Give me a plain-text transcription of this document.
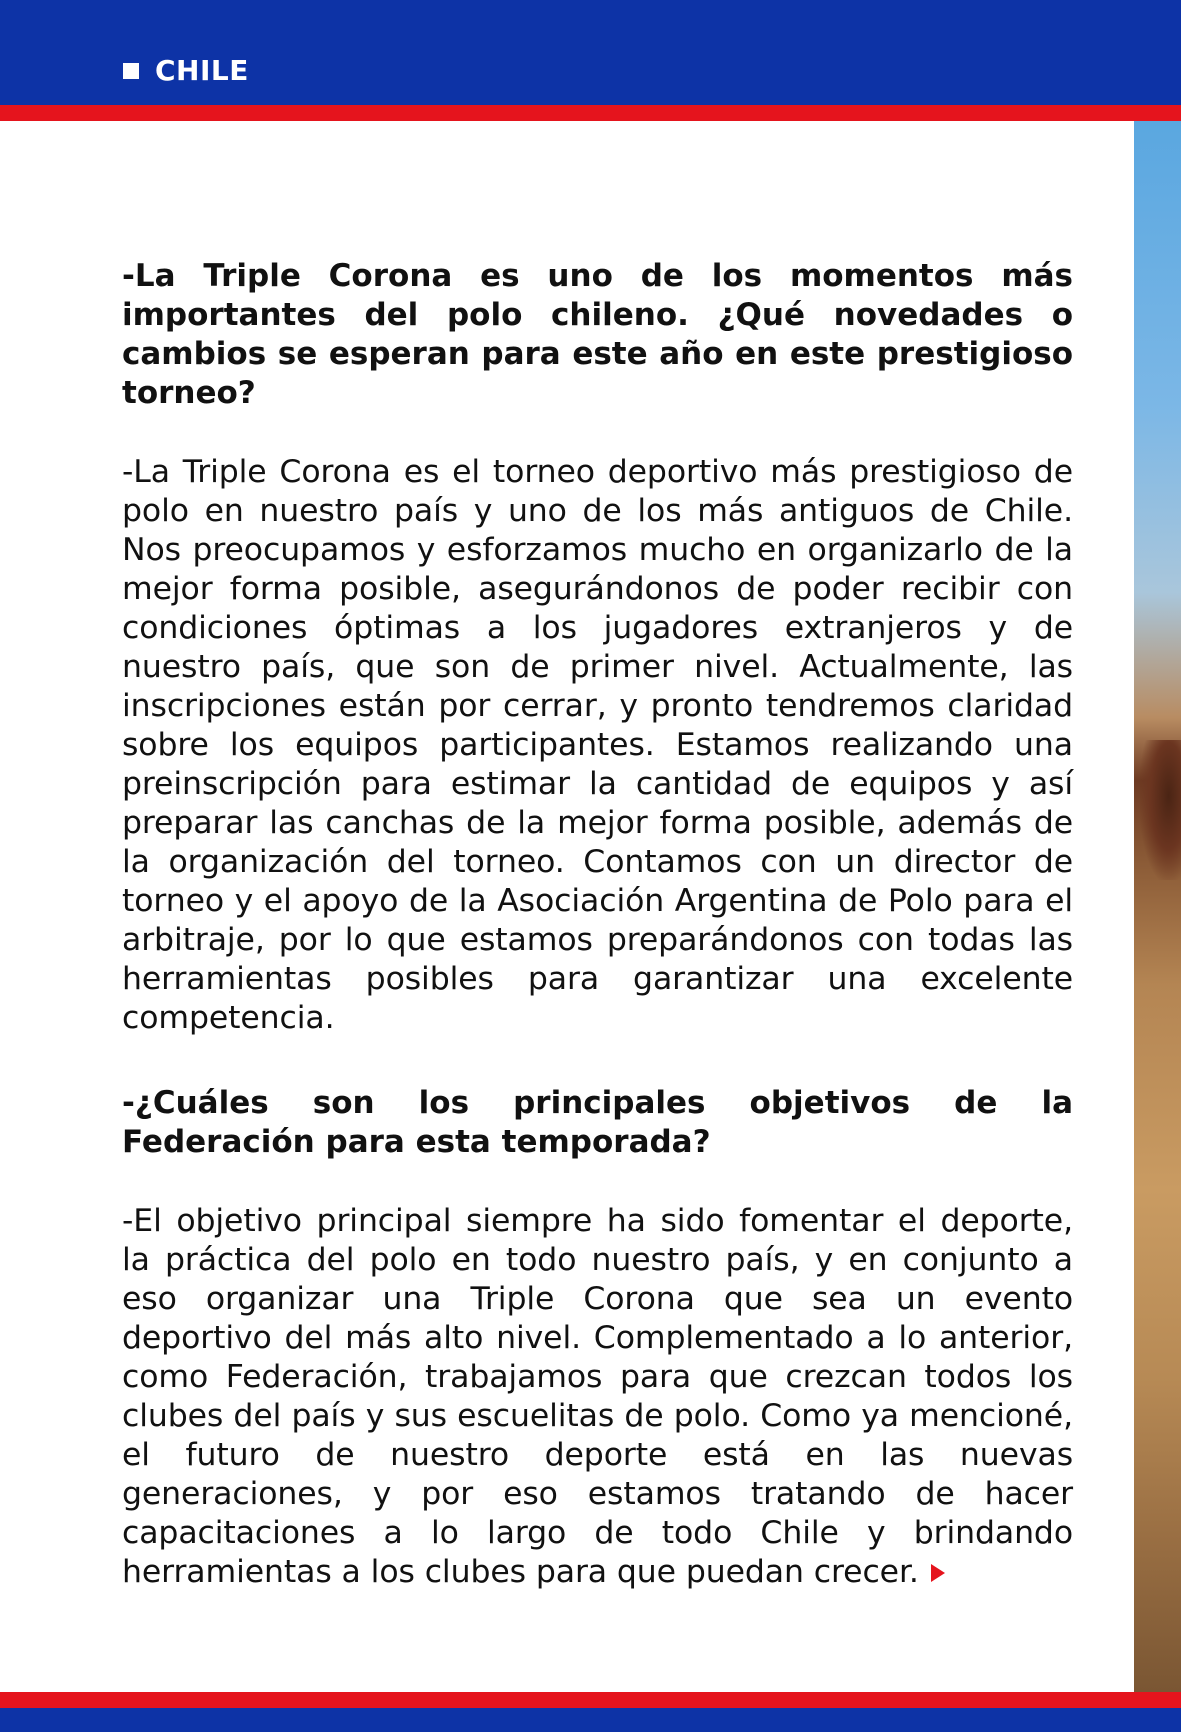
CHILE

-La Triple Corona es uno de los momentos más importantes del polo chileno. ¿Qué novedades o cambios se esperan para este año en este prestigioso torneo?

-La Triple Corona es el torneo deportivo más prestigioso de polo en nuestro país y uno de los más antiguos de Chile. Nos preocupamos y esforzamos mucho en organizarlo de la mejor forma posible, asegurándonos de poder recibir con condiciones óptimas a los jugadores extranjeros y de nuestro país, que son de primer nivel. Actualmente, las inscripciones están por cerrar, y pronto tendremos claridad sobre los equipos participantes. Estamos realizando una preinscripción para estimar la cantidad de equipos y así preparar las canchas de la mejor forma posible, además de la organización del torneo. Contamos con un director de torneo y el apoyo de la Asociación Argentina de Polo para el arbitraje, por lo que estamos preparándonos con todas las herramientas posibles para garantizar una excelente competencia.

-¿Cuáles son los principales objetivos de la Federación para esta temporada?

-El objetivo principal siempre ha sido fomentar el deporte, la práctica del polo en todo nuestro país, y en conjunto a eso organizar una Triple Corona que sea un evento deportivo del más alto nivel. Complementado a lo anterior, como Federación, trabajamos para que crezcan todos los clubes del país y sus escuelitas de polo. Como ya mencioné, el futuro de nuestro deporte está en las nuevas generaciones, y por eso estamos tratando de hacer capacitaciones a lo largo de todo Chile y brindando herramientas a los clubes para que puedan crecer.
